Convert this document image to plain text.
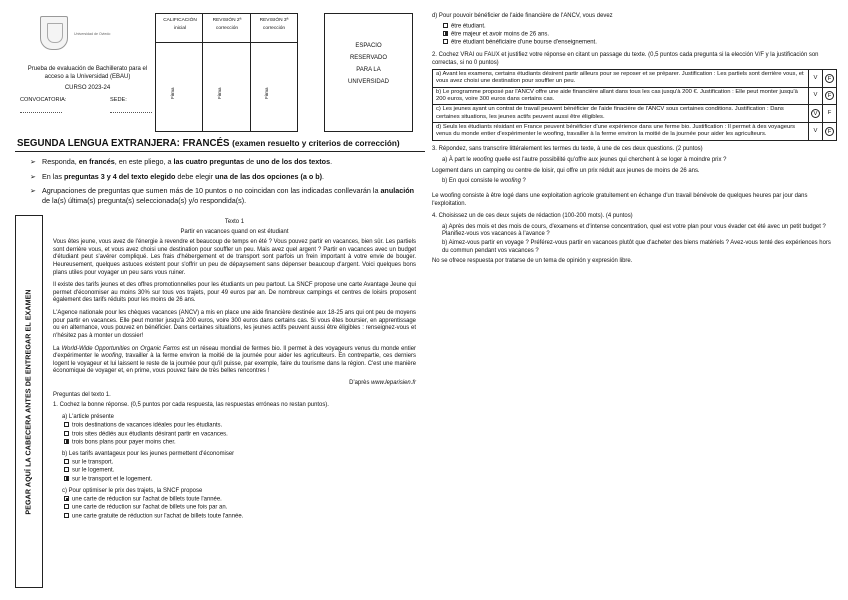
Universidad de Oviedo
Prueba de evaluación de Bachillerato para el acceso a la Universidad (EBAU)
CURSO 2023-24
CONVOCATORIA:	SEDE:
CALIFICACIÓN inicial
REVISIÓN 2ª corrección
REVISIÓN 3ª corrección
Firma	Firma	Firma
ESPACIO
RESERVADO
PARA LA
UNIVERSIDAD
SEGUNDA LENGUA EXTRANJERA: FRANCÉS (examen resuelto y criterios de corrección)
➢ Responda, en francés, en este pliego, a las cuatro preguntas de uno de los dos textos.
➢ En las preguntas 3 y 4 del texto elegido debe elegir una de las dos opciones (a o b).
➢ Agrupaciones de preguntas que sumen más de 10 puntos o no coincidan con las indicadas conllevarán la anulación de la(s) última(s) pregunta(s) seleccionada(s) y/o respondida(s).
PEGAR AQUÍ LA CABECERA ANTES DE ENTREGAR EL EXAMEN
Texto 1
Partir en vacances quand on est étudiant

Vous êtes jeune, vous avez de l'énergie à revendre et beaucoup de temps en été ? Vous pouvez partir en vacances, bien sûr. Les partiels sont derrière vous, et vous avez choisi une destination pour souffler un peu. Mais avez quel argent ? Partir en vacances avec un budget d'étudiant peut s'avérer compliqué. Les frais d'hébergement et de transport sont parfois un frein important à votre envie de bouger. Heureusement, quelques astuces existent pour s'offrir un peu de dépaysement sans dépenser beaucoup d'argent. Voici quelques bons plans utiles pour voyager un peu sans vous ruiner.

Il existe des tarifs jeunes et des offres promotionnelles pour les étudiants un peu partout. La SNCF propose une carte Avantage Jeune qui permet d'économiser au moins 30% sur tous vos trajets, pour 49 euros par an. De nombreux campings et centres de loisirs proposent également des tarifs réduits pour les moins de 26 ans.

L'Agence nationale pour les chèques vacances (ANCV) a mis en place une aide financière destinée aux 18-25 ans qui ont peu de moyens pour partir en vacances. Elle peut monter jusqu'à 200 euros, voire 300 euros dans certains cas. Si vous êtes boursier, en apprentissage ou en alternance, vous pouvez en bénéficier. Dans certaines situations, les jeunes actifs peuvent aussi être éligibles : renseignez-vous et n'hésitez pas à monter un dossier!

La World-Wide Opportunities on Organic Farms est un réseau mondial de fermes bio. Il permet à des voyageurs venus du monde entier d'expérimenter le woofing, travailler à la ferme environ la moitié de la journée pour aider les agriculteurs. En contrepartie, ces derniers logent le voyageur et lui laissent le reste de la journée pour qu'il puisse, par exemple, faire du tourisme dans la région. C'est une manière économique de voyager et, en prime, vous pouvez faire de très belles rencontres !

D'après www.leparisien.fr
Preguntas del texto 1.
1. Cochez la bonne réponse. (0,5 puntos por cada respuesta, las respuestas erróneas no restan puntos).
a) L'article présente
trois destinations de vacances idéales pour les étudiants.
trois sites dédiés aux étudiants désirant partir en vacances.
trois bons plans pour payer moins cher.
b) Les tarifs avantageux pour les jeunes permettent d'économiser
sur le transport.
sur le logement.
sur le transport et le logement.
c) Pour optimiser le prix des trajets, la SNCF propose
une carte de réduction sur l'achat de billets toute l'année.
une carte de réduction sur l'achat de billets une fois par an.
une carte gratuite de réduction sur l'achat de billets toute l'année.
d) Pour pouvoir bénéficier de l'aide financière de l'ANCV, vous devez
être étudiant.
être majeur et avoir moins de 26 ans.
être étudiant bénéficiaire d'une bourse d'enseignement.
2. Cochez VRAI ou FAUX et justifiez votre réponse en citant un passage du texte. (0,5 puntos cada pregunta si la elección V/F y la justificación son correctas, si no 0 puntos)
a) Avant les examens, certains étudiants désirent partir ailleurs pour se reposer et se préparer. Justification : Les partiels sont derrière vous, et vous avez choisi une destination pour souffler un peu.	V	F
b) Le programme proposé par l'ANCV offre une aide financière allant dans tous les cas jusqu'à 200 €. Justification : Elle peut monter jusqu'à 200 euros, voire 300 euros dans certains cas.	V	F
c) Les jeunes ayant un contrat de travail peuvent bénéficier de l'aide finacière de l'ANCV sous certaines conditions. Justification : Dans certaines situations, les jeunes actifs peuvent aussi être éligibles.	V	F
d) Seuls les étudiants résidant en France peuvent bénéficier d'une expérience dans une ferme bio. Justification : Il permet à des voyageurs venus du monde entier d'expérimenter le woofing, travailler à la ferme environ la moitié de la journée pour aider les agriculteurs.	V	F

3. Répondez, sans transcrire littéralement les termes du texte, à une de ces deux questions. (2 puntos)

a) À part le woofing quelle est l'autre possibilité qu'offre aux jeunes qui cherchent à se loger à moindre prix ?
Logement dans un camping ou centre de loisir, qui offre un prix réduit aux jeunes de moins de 26 ans.
b) En quoi consiste le woofing ?
Le woofing consiste à être logé dans une exploitation agricole gratuitement en échange d'un travail bénévole de quelques heures par jour dans l'exploitation.
4. Choisissez un de ces deux sujets de rédaction (100-200 mots). (4 puntos)
a) Après des mois et des mois de cours, d'examens et d'intense concentration, quel est votre plan pour vous évader cet été avec un petit budget ? Planifiez-vous vos vacances à l'avance ?
b) Aimez-vous partir en voyage ? Préférez-vous partir en vacances plutôt que d'acheter des biens matériels ? Avez-vous tenté des expériences hors du commun pendant vos vacances ?
No se ofrece respuesta por tratarse de un tema de opinión y expresión libre.
